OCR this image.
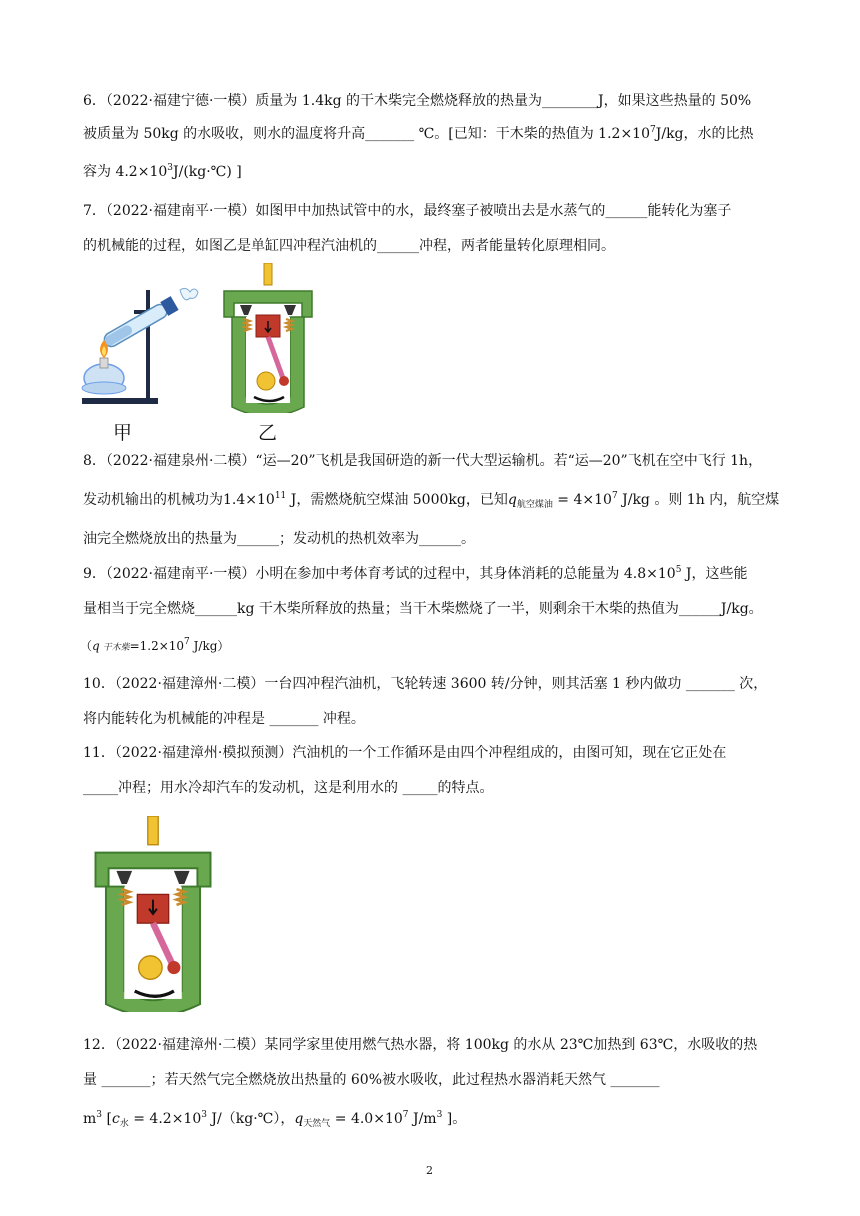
6．（2022·福建宁德·一模）质量为 1.4kg 的干木柴完全燃烧释放的热量为________J，如果这些热量的 50%
被质量为 50kg 的水吸收，则水的温度将升高_______ ℃。[已知：干木柴的热值为 $1.2\times 10^7J/kg$，水的比热
容为 $4.2\times 10^3J/(kg\cdot℃)$ ]
7．（2022·福建南平·一模）如图甲中加热试管中的水，最终塞子被喷出去是水蒸气的______能转化为塞子
的机械能的过程，如图乙是单缸四冲程汽油机的______冲程，两者能量转化原理相同。
甲	乙
8．（2022·福建泉州·二模）“运—20”飞机是我国研造的新一代大型运输机。若“运—20”飞机在空中飞行 1h，
发动机输出的机械功为$1.4\times 10^{11}$ J，需燃烧航空煤油 5000kg，已知$q_{航空煤油} = 4\times 10^7$ J/kg 。则 1h 内，航空煤
油完全燃烧放出的热量为______；发动机的热机效率为______。
9．（2022·福建南平·一模）小明在参加中考体育考试的过程中，其身体消耗的总能量为 $4.8\times 10^5$ J，这些能
量相当于完全燃烧______kg 干木柴所释放的热量；当干木柴燃烧了一半，则剩余干木柴的热值为______J/kg。
（q 干木柴$=1.2\times 10^7$ J/kg）
10．（2022·福建漳州·二模）一台四冲程汽油机，飞轮转速 3600 转/分钟，则其活塞 1 秒内做功 _______ 次，
将内能转化为机械能的冲程是 _______ 冲程。
11．（2022·福建漳州·模拟预测）汽油机的一个工作循环是由四个冲程组成的，由图可知，现在它正处在
_____冲程；用水冷却汽车的发动机，这是利用水的 _____的特点。
12．（2022·福建漳州·二模）某同学家里使用燃气热水器，将 100kg 的水从 23℃加热到 63℃，水吸收的热
量 _______；若天然气完全燃烧放出热量的 60%被水吸收，此过程热水器消耗天然气 _______
$m^3$ [$c_水 = 4.2\times 10^3$ J/（kg·℃），$q_{天然气} = 4.0\times 10^7$ $J/m^3$ ]。
2
